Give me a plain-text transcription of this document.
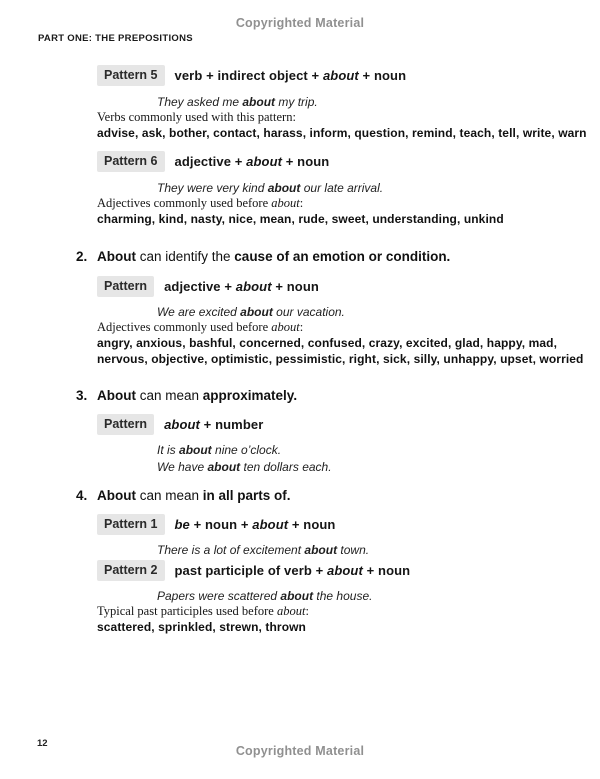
Copyrighted Material
PART ONE: THE PREPOSITIONS
Pattern 5	verb + indirect object + about + noun
They asked me about my trip.
Verbs commonly used with this pattern:
advise, ask, bother, contact, harass, inform, question, remind, teach, tell, write, warn
Pattern 6	adjective + about + noun
They were very kind about our late arrival.
Adjectives commonly used before about:
charming, kind, nasty, nice, mean, rude, sweet, understanding, unkind
2. About can identify the cause of an emotion or condition.
Pattern	adjective + about + noun
We are excited about our vacation.
Adjectives commonly used before about:
angry, anxious, bashful, concerned, confused, crazy, excited, glad, happy, mad,
nervous, objective, optimistic, pessimistic, right, sick, silly, unhappy, upset, worried
3. About can mean approximately.
Pattern	about + number
It is about nine o’clock.
We have about ten dollars each.
4. About can mean in all parts of.
Pattern 1	be + noun + about + noun
There is a lot of excitement about town.
Pattern 2	past participle of verb + about + noun
Papers were scattered about the house.
Typical past participles used before about:
scattered, sprinkled, strewn, thrown
12
Copyrighted Material
